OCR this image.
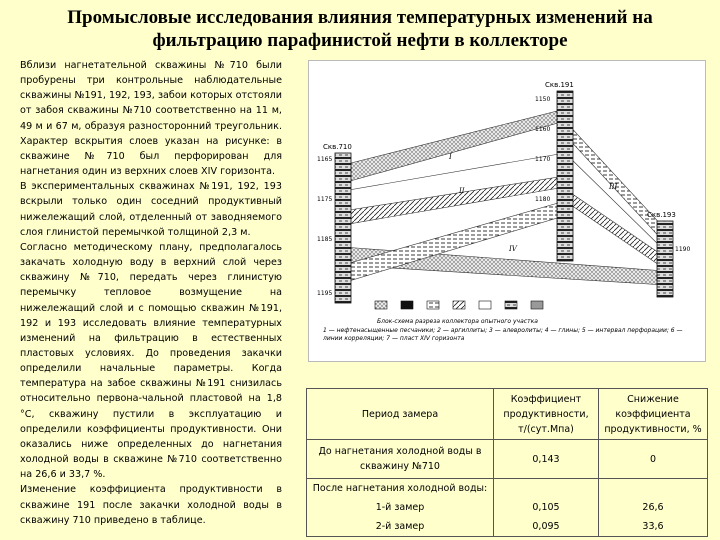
Промысловые исследования влияния температурных изменений на фильтрацию парафинистой нефти в коллекторе

Вблизи нагнетательной скважины №710 были пробурены три контрольные наблюдательные скважины №191, 192, 193, забои которых отстояли от забоя скважины №710 соответственно на 11 м, 49 м и 67 м, образуя разносторонний треугольник. Характер вскрытия слоев указан на рисунке: в скважине №710 был перфорирован для нагнетания один из верхних слоев XIV горизонта.

В экспериментальных скважинах №191, 192, 193 вскрыли только один соседний продуктивный нижележащий слой, отделенный от заводняемого слоя глинистой перемычкой толщиной 2,3 м.

Согласно методическому плану, предполагалось закачать холодную воду в верхний слой через скважину №710, передать через глинистую перемычку тепловое возмущение на нижележащий слой и с помощью скважин №191, 192 и 193 исследовать влияние температурных изменений на фильтрацию в естественных пластовых условиях. До проведения закачки определили начальные параметры. Когда температура на забое скважины №191 снизилась относительно первона-чальной пластовой на 1,8 °С, скважину пустили в эксплуатацию и определили коэффициенты продуктивности. Они оказались ниже определенных до нагнетания холодной воды в скважине №710 соответственно на 26,6 и 33,7 %.

Изменение коэффициента продуктивности в скважине 191 после закачки холодной воды в скважину 710 приведено в таблице.

Скв.710
Скв.191
Скв.193
1150
1160
1165	1170
1175	1180
1185
1190
1195
I
II	III
IV
Блок-схема разреза коллектора опытного участка
1 — нефтенасыщенные песчаники; 2 — аргиллиты; 3 — алевролиты; 4 — глины; 5 — интервал перфорации; 6 — линии корреляции; 7 — пласт XIV горизонта
Период замера	Коэффициент продуктивности, т/(сут.Мпа)	Снижение коэффициента продуктивности, %
До нагнетания холодной воды в скважину №710	0,143	0
После нагнетания холодной воды:		
1-й замер	0,105	26,6
2-й замер	0,095	33,6
